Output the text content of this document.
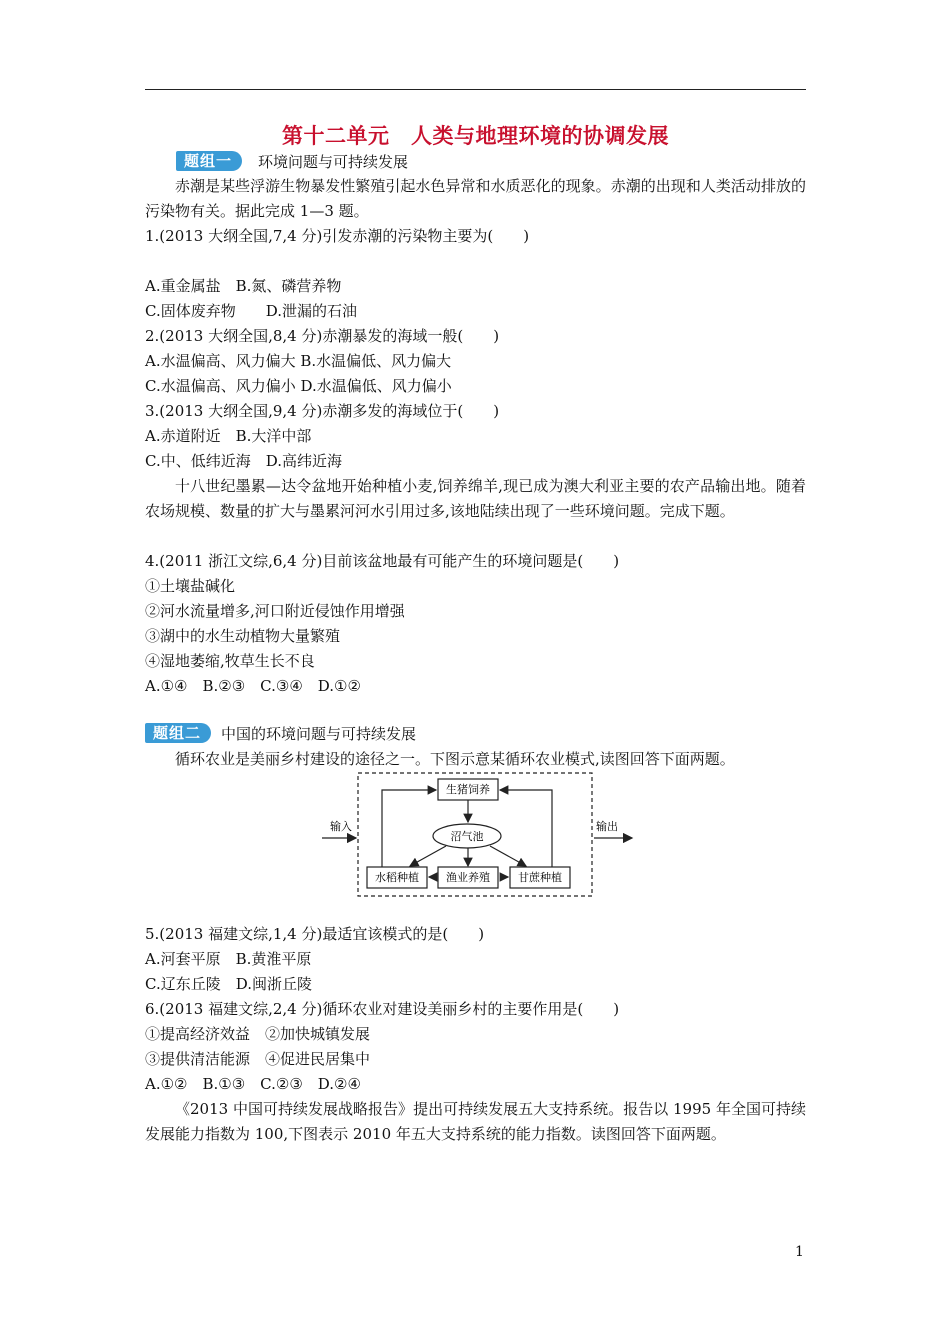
第十二单元　人类与地理环境的协调发展
题组一	环境问题与可持续发展
赤潮是某些浮游生物暴发性繁殖引起水色异常和水质恶化的现象。赤潮的出现和人类活动排放的污染物有关。据此完成 1—3 题。
1.(2013 大纲全国,7,4 分)引发赤潮的污染物主要为(　　)
A.重金属盐　B.氮、磷营养物
C.固体废弃物　　D.泄漏的石油
2.(2013 大纲全国,8,4 分)赤潮暴发的海域一般(　　)
A.水温偏高、风力偏大 B.水温偏低、风力偏大
C.水温偏高、风力偏小 D.水温偏低、风力偏小
3.(2013 大纲全国,9,4 分)赤潮多发的海域位于(　　)
A.赤道附近　B.大洋中部
C.中、低纬近海　D.高纬近海
十八世纪墨累—达令盆地开始种植小麦,饲养绵羊,现已成为澳大利亚主要的农产品输出地。随着农场规模、数量的扩大与墨累河河水引用过多,该地陆续出现了一些环境问题。完成下题。
4.(2011 浙江文综,6,4 分)目前该盆地最有可能产生的环境问题是(　　)
①土壤盐碱化
②河水流量增多,河口附近侵蚀作用增强
③湖中的水生动植物大量繁殖
④湿地萎缩,牧草生长不良
A.①④　B.②③　C.③④　D.①②
题组二	中国的环境问题与可持续发展
循环农业是美丽乡村建设的途径之一。下图示意某循环农业模式,读图回答下面两题。
输入	输出
生猪饲养
沼气池
水稻种植 渔业养殖	甘蔗种植
5.(2013 福建文综,1,4 分)最适宜该模式的是(　　)
A.河套平原　B.黄淮平原
C.辽东丘陵　D.闽浙丘陵
6.(2013 福建文综,2,4 分)循环农业对建设美丽乡村的主要作用是(　　)
①提高经济效益　②加快城镇发展
③提供清洁能源　④促进民居集中
A.①②　B.①③　C.②③　D.②④
《2013 中国可持续发展战略报告》提出可持续发展五大支持系统。报告以 1995 年全国可持续发展能力指数为 100,下图表示 2010 年五大支持系统的能力指数。读图回答下面两题。
1
